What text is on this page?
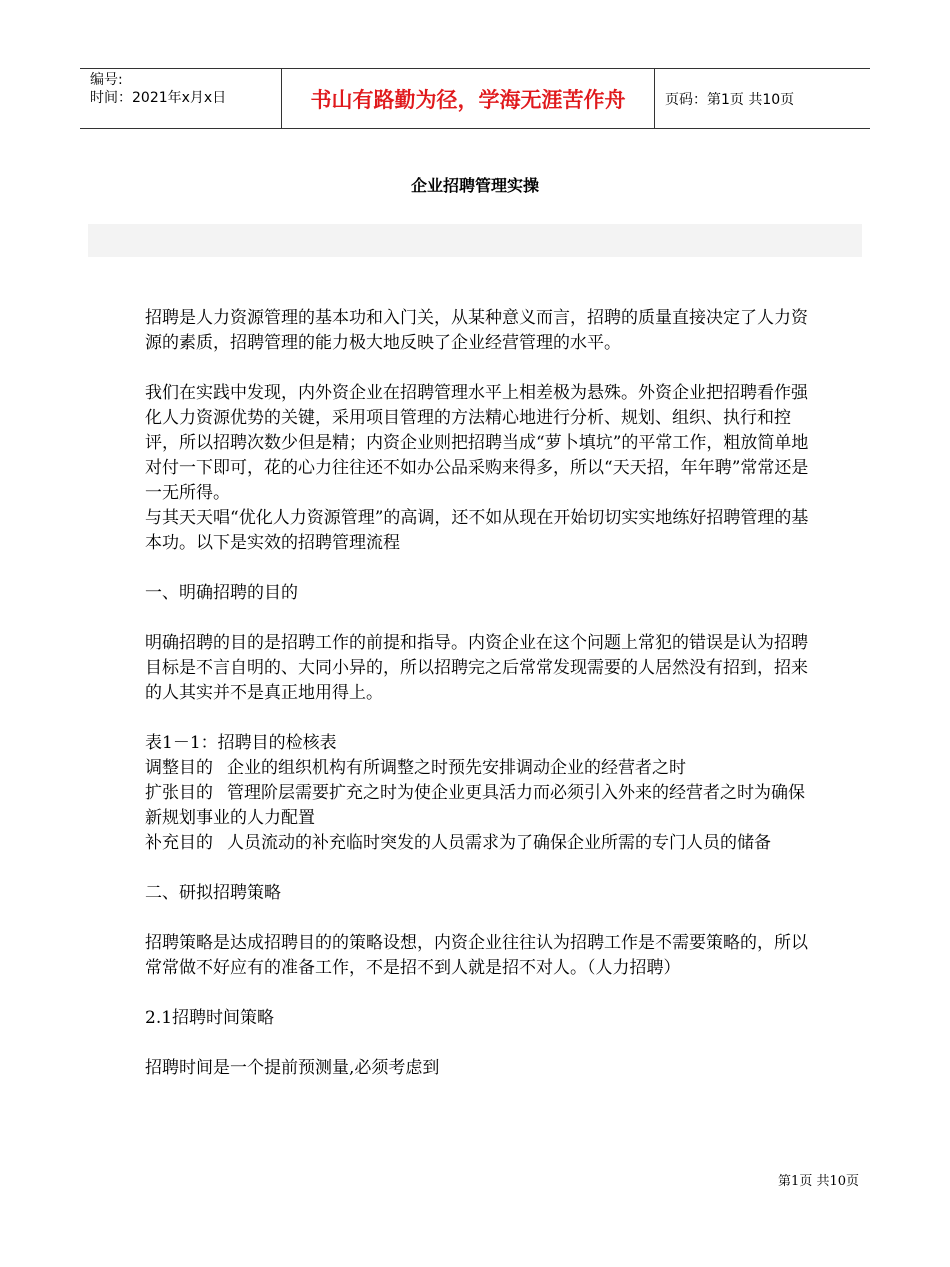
编号:
时间：2021年x月x日	书山有路勤为径，学海无涯苦作舟	页码：第1页 共10页
企业招聘管理实操

招聘是人力资源管理的基本功和入门关，从某种意义而言，招聘的质量直接决定了人力资源的素质，招聘管理的能力极大地反映了企业经营管理的水平。

我们在实践中发现，内外资企业在招聘管理水平上相差极为悬殊。外资企业把招聘看作强化人力资源优势的关键，采用项目管理的方法精心地进行分析、规划、组织、执行和控评，所以招聘次数少但是精；内资企业则把招聘当成“萝卜填坑”的平常工作，粗放简单地对付一下即可，花的心力往往还不如办公品采购来得多，所以“天天招，年年聘”常常还是一无所得。

与其天天唱“优化人力资源管理”的高调，还不如从现在开始切切实实地练好招聘管理的基本功。以下是实效的招聘管理流程

一、明确招聘的目的

明确招聘的目的是招聘工作的前提和指导。内资企业在这个问题上常犯的错误是认为招聘目标是不言自明的、大同小异的，所以招聘完之后常常发现需要的人居然没有招到，招来的人其实并不是真正地用得上。

表1－1：招聘目的检核表

调整目的 企业的组织机构有所调整之时预先安排调动企业的经营者之时

扩张目的 管理阶层需要扩充之时为使企业更具活力而必须引入外来的经营者之时为确保新规划事业的人力配置

补充目的 人员流动的补充临时突发的人员需求为了确保企业所需的专门人员的储备

二、研拟招聘策略

招聘策略是达成招聘目的的策略设想，内资企业往往认为招聘工作是不需要策略的，所以常常做不好应有的准备工作，不是招不到人就是招不对人。（人力招聘）

2.1招聘时间策略

招聘时间是一个提前预测量,必须考虑到

第1页 共10页
